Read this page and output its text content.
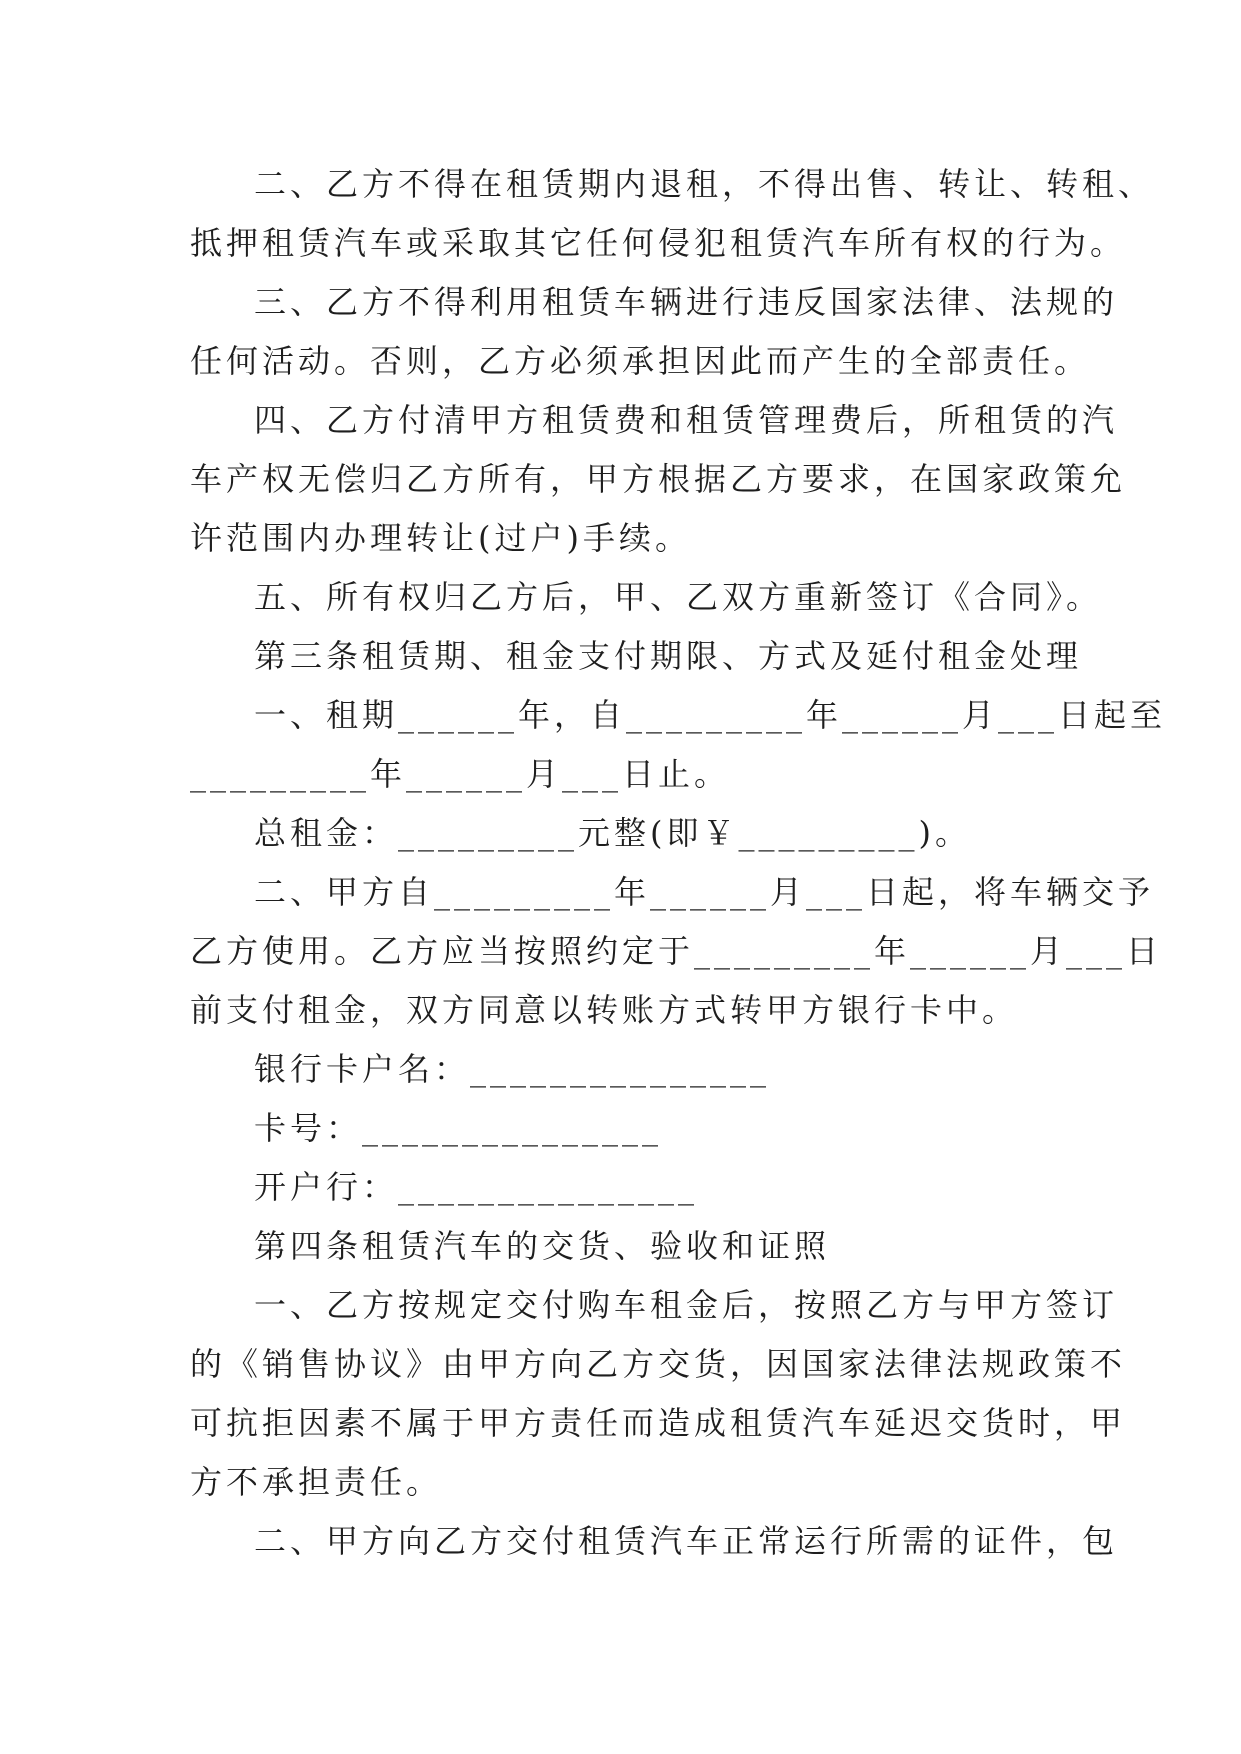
二、乙方不得在租赁期内退租，不得出售、转让、转租、
抵押租赁汽车或采取其它任何侵犯租赁汽车所有权的行为。
三、乙方不得利用租赁车辆进行违反国家法律、法规的
任何活动。否则，乙方必须承担因此而产生的全部责任。
四、乙方付清甲方租赁费和租赁管理费后，所租赁的汽
车产权无偿归乙方所有，甲方根据乙方要求，在国家政策允
许范围内办理转让(过户)手续。
五、所有权归乙方后，甲、乙双方重新签订《合同》。
第三条租赁期、租金支付期限、方式及延付租金处理
一、租期______年，自_________年______月___日起至
_________年______月___日止。
总租金：_________元整(即￥_________)。
二、甲方自_________年______月___日起，将车辆交予
乙方使用。乙方应当按照约定于_________年______月___日
前支付租金，双方同意以转账方式转甲方银行卡中。
银行卡户名：_______________
卡号：_______________
开户行：_______________
第四条租赁汽车的交货、验收和证照
一、乙方按规定交付购车租金后，按照乙方与甲方签订
的《销售协议》由甲方向乙方交货，因国家法律法规政策不
可抗拒因素不属于甲方责任而造成租赁汽车延迟交货时，甲
方不承担责任。
二、甲方向乙方交付租赁汽车正常运行所需的证件，包
